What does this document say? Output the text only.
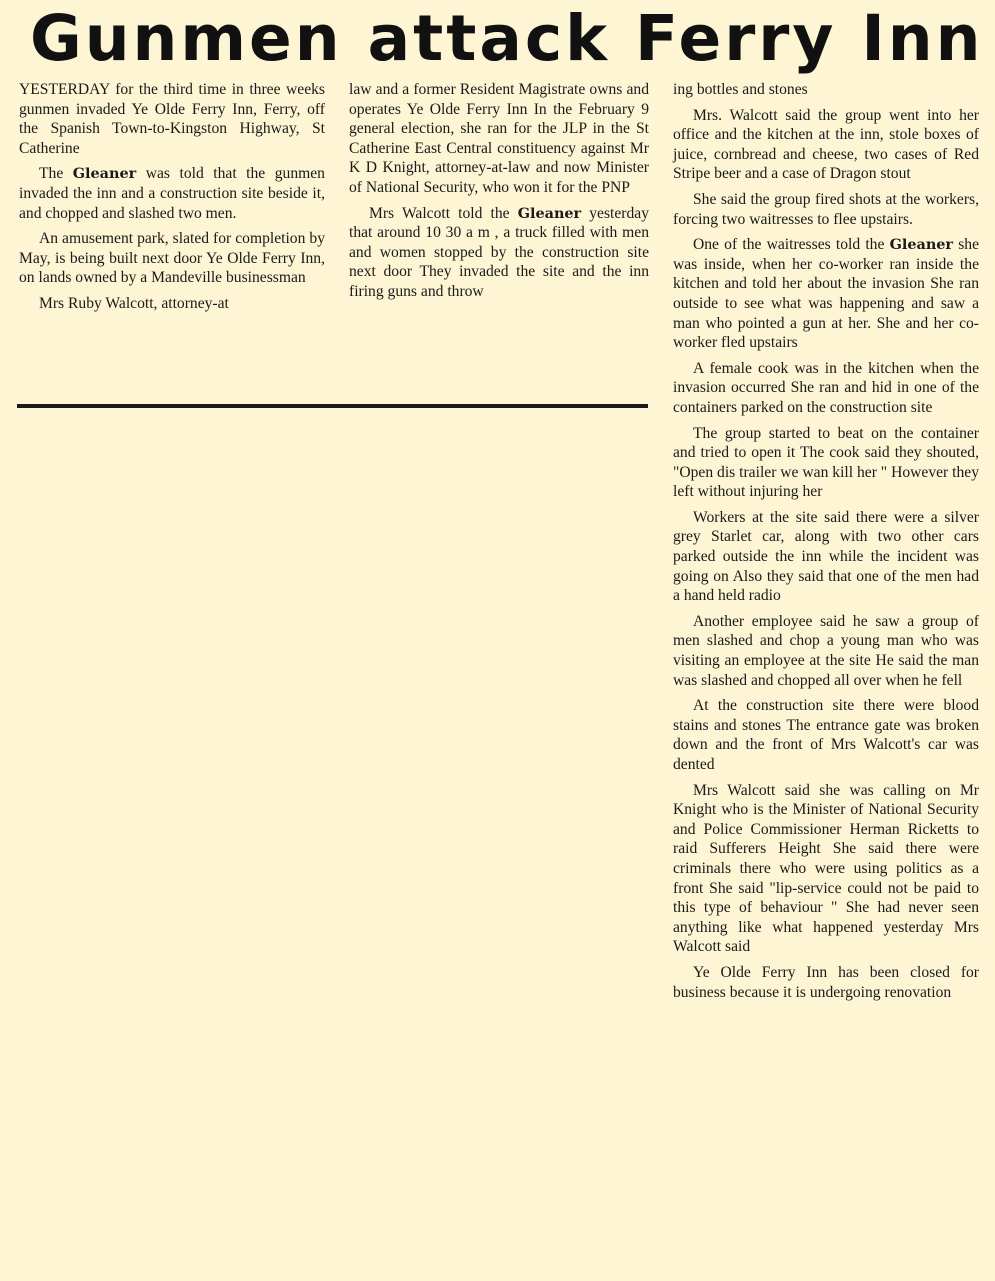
Gunmen attack Ferry Inn

YESTERDAY for the third time in three weeks gunmen invaded Ye Olde Ferry Inn, Ferry, off the Spanish Town-to-Kingston Highway, St Catherine

The Gleaner was told that the gunmen invaded the inn and a construction site beside it, and chopped and slashed two men.

An amusement park, slated for completion by May, is being built next door Ye Olde Ferry Inn, on lands owned by a Mandeville businessman

Mrs Ruby Walcott, attorney-at

law and a former Resident Magistrate owns and operates Ye Olde Ferry Inn In the February 9 general election, she ran for the JLP in the St Catherine East Central constituency against Mr K D Knight, attorney-at-law and now Minister of National Security, who won it for the PNP

Mrs Walcott told the Gleaner yesterday that around 10 30 a m , a truck filled with men and women stopped by the construction site next door They invaded the site and the inn firing guns and throw

ing bottles and stones

Mrs. Walcott said the group went into her office and the kitchen at the inn, stole boxes of juice, cornbread and cheese, two cases of Red Stripe beer and a case of Dragon stout

She said the group fired shots at the workers, forcing two waitresses to flee upstairs.

One of the waitresses told the Gleaner she was inside, when her co-worker ran inside the kitchen and told her about the invasion She ran outside to see what was happening and saw a man who pointed a gun at her. She and her co-worker fled upstairs

A female cook was in the kitchen when the invasion occurred She ran and hid in one of the containers parked on the construction site

The group started to beat on the container and tried to open it The cook said they shouted, "Open dis trailer we wan kill her " However they left without injuring her

Workers at the site said there were a silver grey Starlet car, along with two other cars parked outside the inn while the incident was going on Also they said that one of the men had a hand held radio

Another employee said he saw a group of men slashed and chop a young man who was visiting an employee at the site He said the man was slashed and chopped all over when he fell

At the construction site there were blood stains and stones The entrance gate was broken down and the front of Mrs Walcott's car was dented

Mrs Walcott said she was calling on Mr Knight who is the Minister of National Security and Police Commissioner Herman Ricketts to raid Sufferers Height She said there were criminals there who were using politics as a front She said "lip-service could not be paid to this type of behaviour " She had never seen anything like what happened yesterday Mrs Walcott said

Ye Olde Ferry Inn has been closed for business because it is undergoing renovation
